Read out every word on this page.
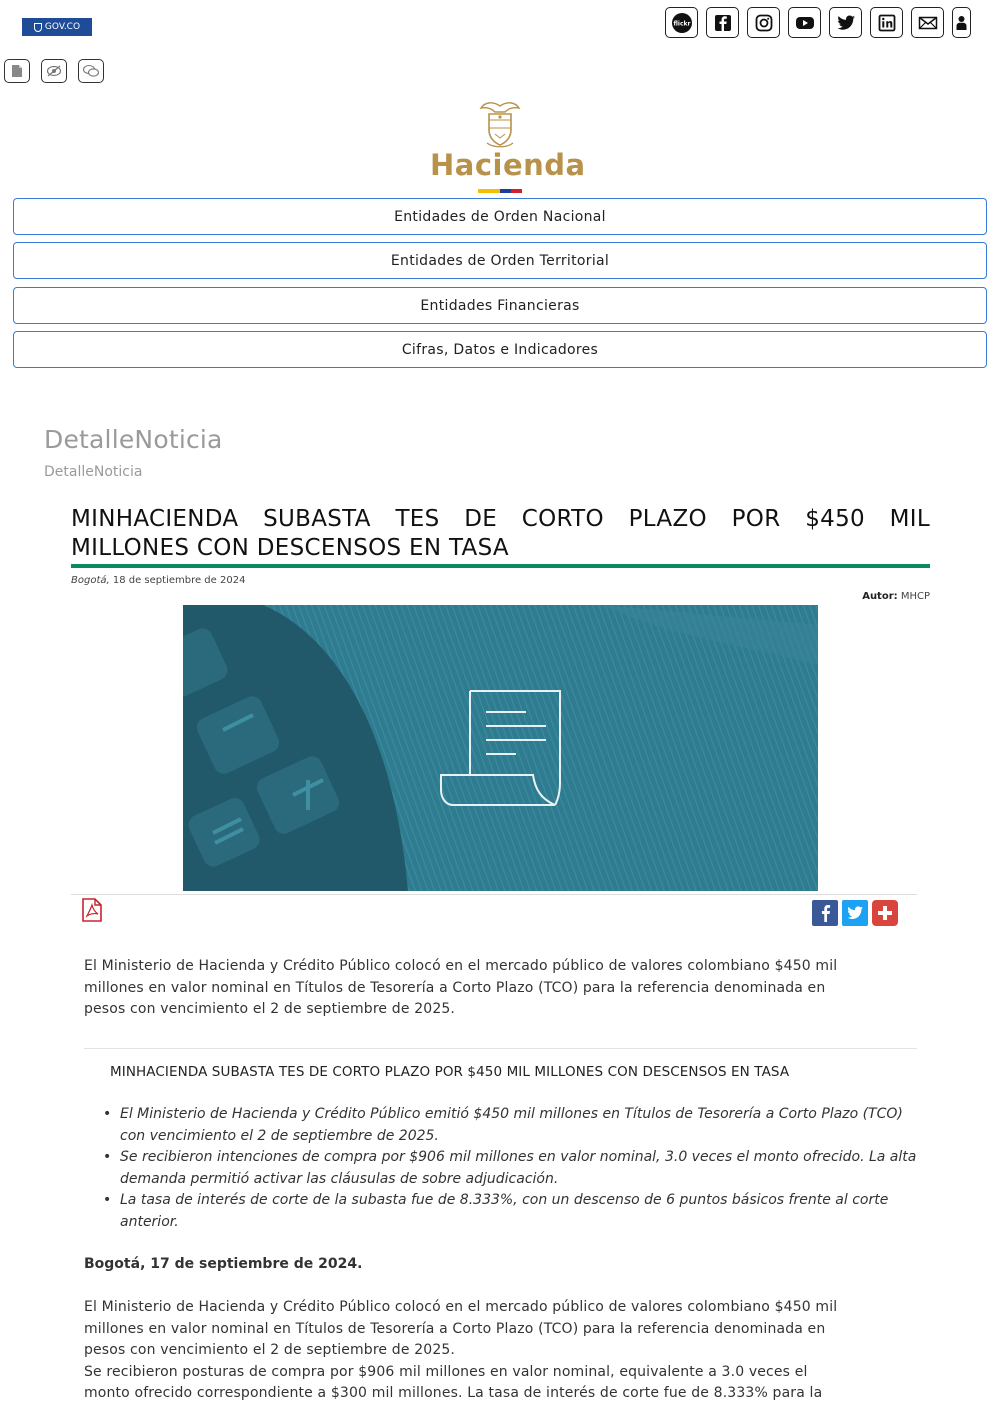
GOV.CO	flickr
Hacienda
Entidades de Orden Nacional
Entidades de Orden Territorial
Entidades Financieras
Cifras, Datos e Indicadores
DetalleNoticia
DetalleNoticia
MINHACIENDA SUBASTA TES DE CORTO PLAZO POR $450 MIL
MILLONES CON DESCENSOS EN TASA
Bogotá, 18 de septiembre de 2024
Autor: MHCP
El Ministerio de Hacienda y Crédito Público colocó en el mercado público de valores colombiano $450 mil
millones en valor nominal en Títulos de Tesorería a Corto Plazo (TCO) para la referencia denominada en
pesos con vencimiento el 2 de septiembre de 2025.
MINHACIENDA SUBASTA TES DE CORTO PLAZO POR $450 MIL MILLONES CON DESCENSOS EN TASA
• El Ministerio de Hacienda y Crédito Público emitió $450 mil millones en Títulos de Tesorería a Corto Plazo (TCO)
con vencimiento el 2 de septiembre de 2025.
• Se recibieron intenciones de compra por $906 mil millones en valor nominal, 3.0 veces el monto ofrecido. La alta
demanda permitió activar las cláusulas de sobre adjudicación.
• La tasa de interés de corte de la subasta fue de 8.333%, con un descenso de 6 puntos básicos frente al corte
anterior.
Bogotá, 17 de septiembre de 2024.
El Ministerio de Hacienda y Crédito Público colocó en el mercado público de valores colombiano $450 mil
millones en valor nominal en Títulos de Tesorería a Corto Plazo (TCO) para la referencia denominada en
pesos con vencimiento el 2 de septiembre de 2025.
Se recibieron posturas de compra por $906 mil millones en valor nominal, equivalente a 3.0 veces el
monto ofrecido correspondiente a $300 mil millones. La tasa de interés de corte fue de 8.333% para la
